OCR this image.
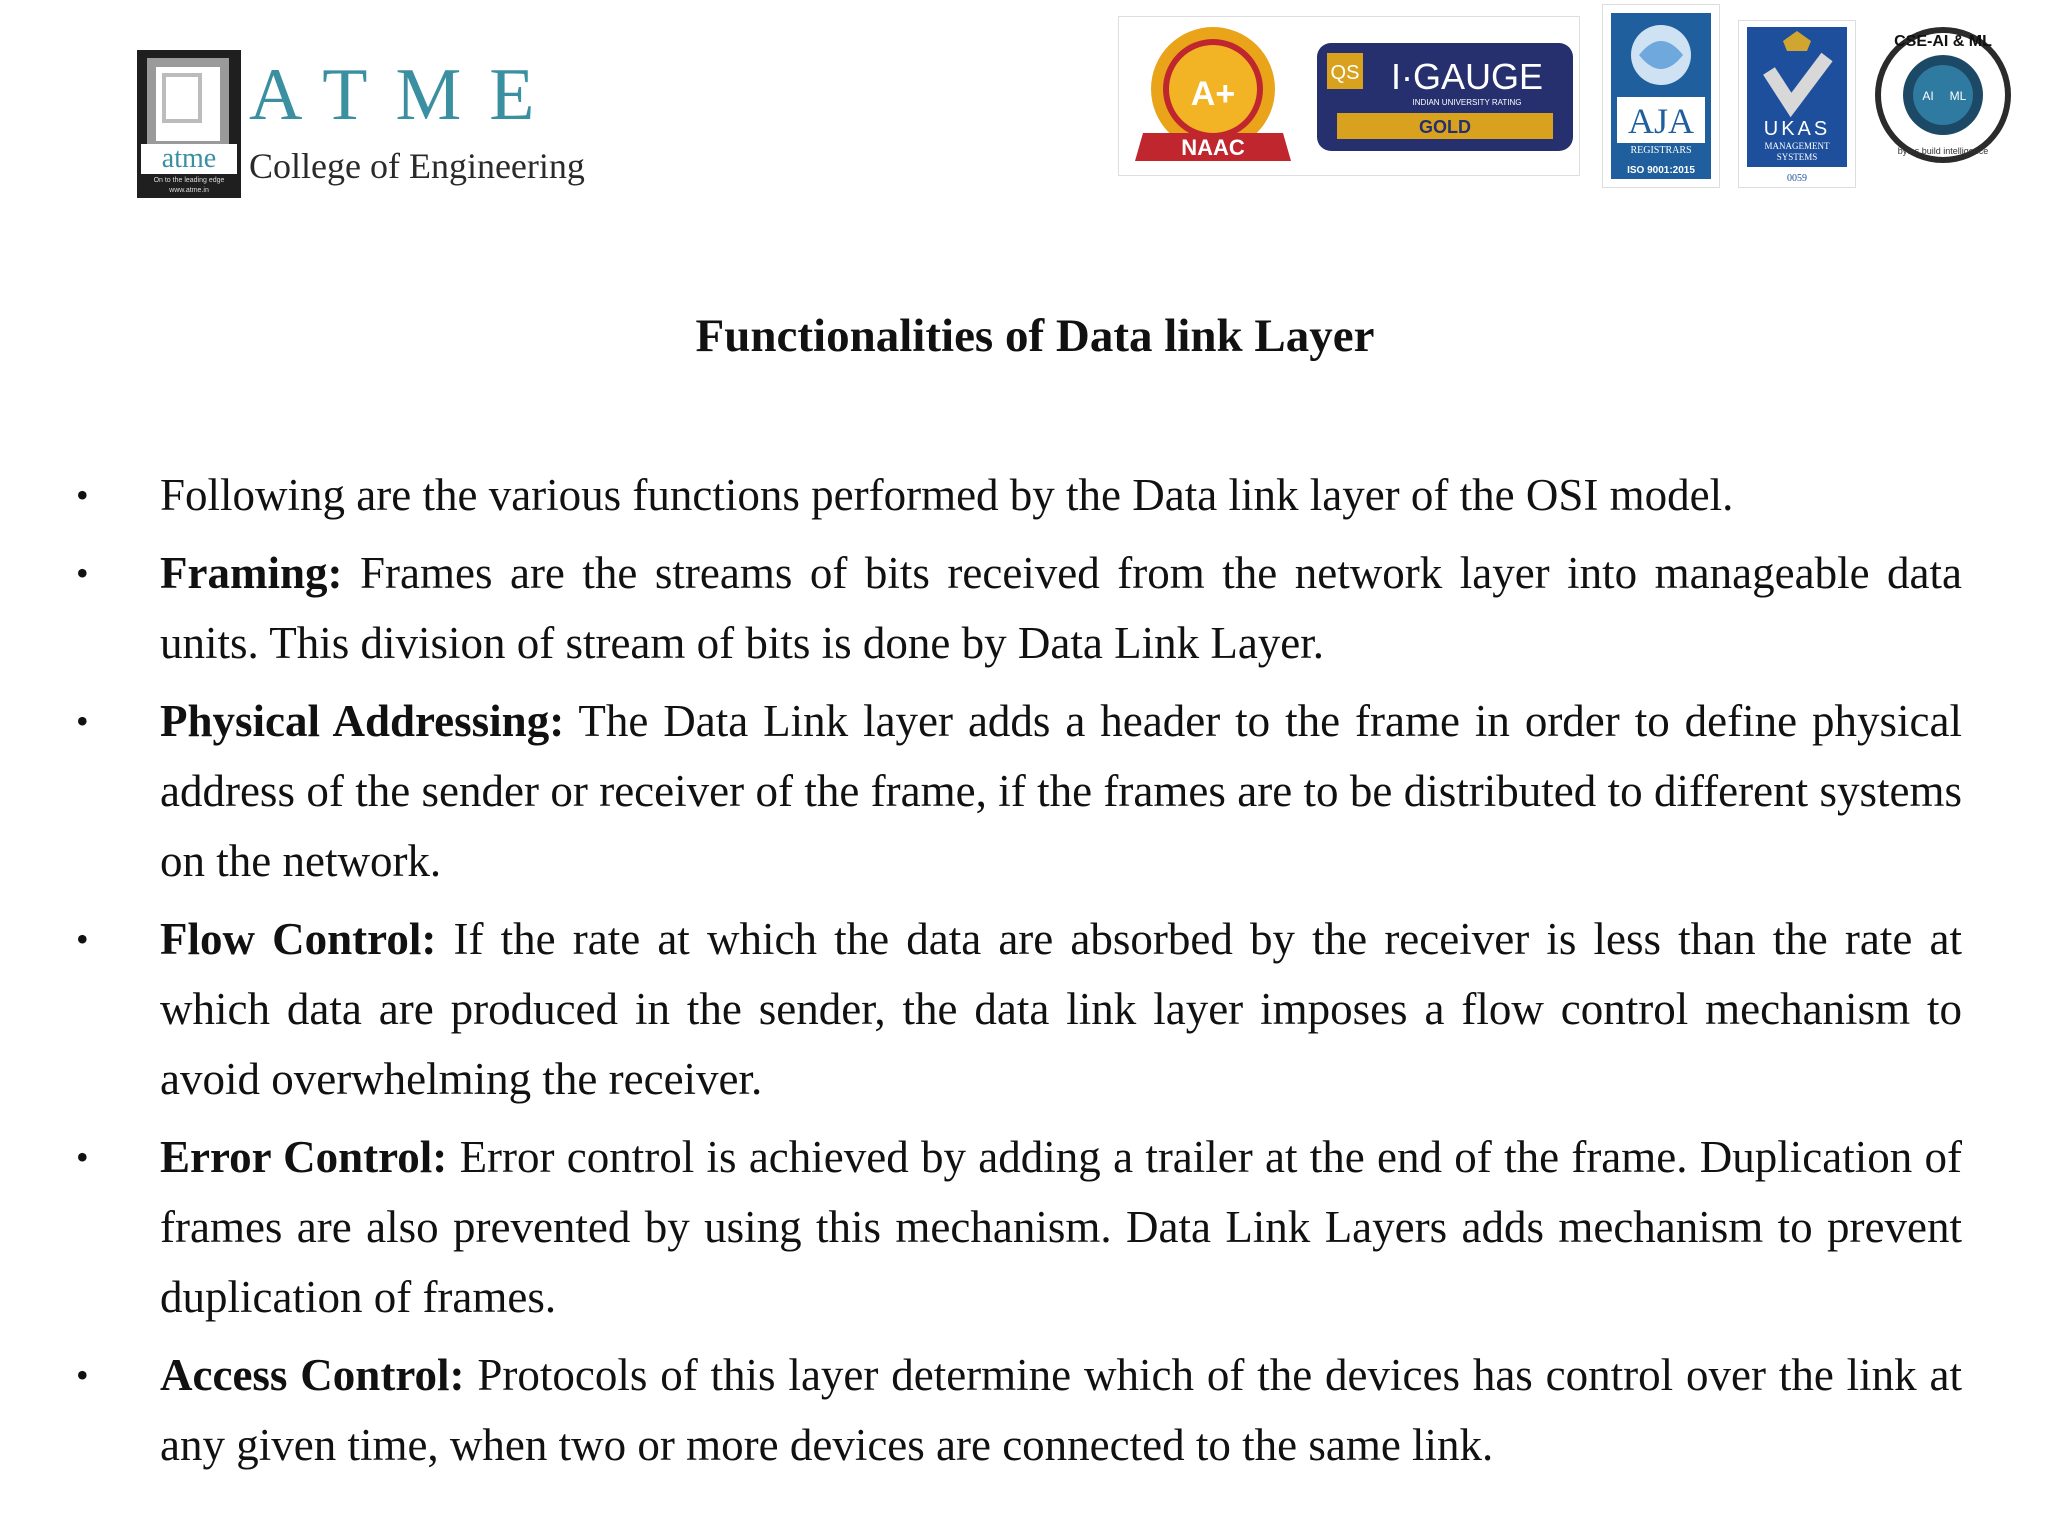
atme
On to the leading edge
www.atme.in
ATME
College of Engineering
A+
NAAC
QS I·GAUGE
INDIAN UNIVERSITY RATING
GOLD	AJA
REGISTRARS
ISO 9001:2015
UKAS
MANAGEMENT
SYSTEMS
0059
CSE-AI & ML
bytes build intelligence
AI ML
Functionalities of Data link Layer
• Following are the various functions performed by the Data link layer of the OSI model.
• Framing: Frames are the streams of bits received from the network layer into manageable data units. This division of stream of bits is done by Data Link Layer.
• Physical Addressing: The Data Link layer adds a header to the frame in order to define physical address of the sender or receiver of the frame, if the frames are to be distributed to different systems on the network.
• Flow Control: If the rate at which the data are absorbed by the receiver is less than the rate at which data are produced in the sender, the data link layer imposes a flow control mechanism to avoid overwhelming the receiver.
• Error Control: Error control is achieved by adding a trailer at the end of the frame. Duplication of frames are also prevented by using this mechanism. Data Link Layers adds mechanism to prevent duplication of frames.
• Access Control: Protocols of this layer determine which of the devices has control over the link at any given time, when two or more devices are connected to the same link.
